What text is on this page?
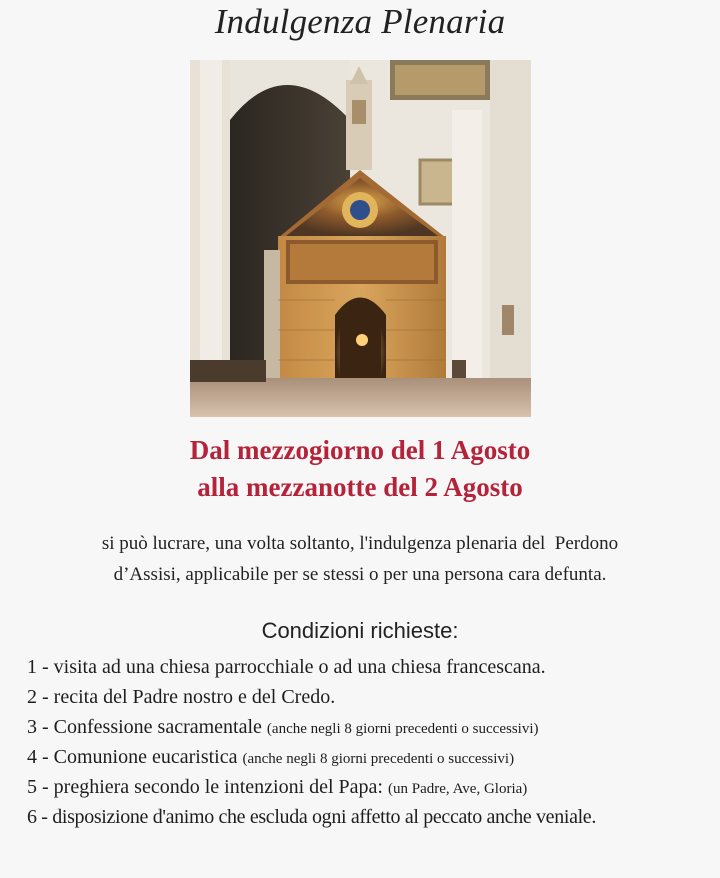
Indulgenza Plenaria
Dal mezzogiorno del 1 Agosto
alla mezzanotte del 2 Agosto
si può lucrare, una volta soltanto, l'indulgenza plenaria del  Perdono
d’Assisi, applicabile per se stessi o per una persona cara defunta.
Condizioni richieste:
1 - visita ad una chiesa parrocchiale o ad una chiesa francescana.
2 - recita del Padre nostro e del Credo.
3 - Confessione sacramentale (anche negli 8 giorni precedenti o successivi)
4 - Comunione eucaristica (anche negli 8 giorni precedenti o successivi)
5 - preghiera secondo le intenzioni del Papa: (un Padre, Ave, Gloria)
6 - disposizione d'animo che escluda ogni affetto al peccato anche veniale.
